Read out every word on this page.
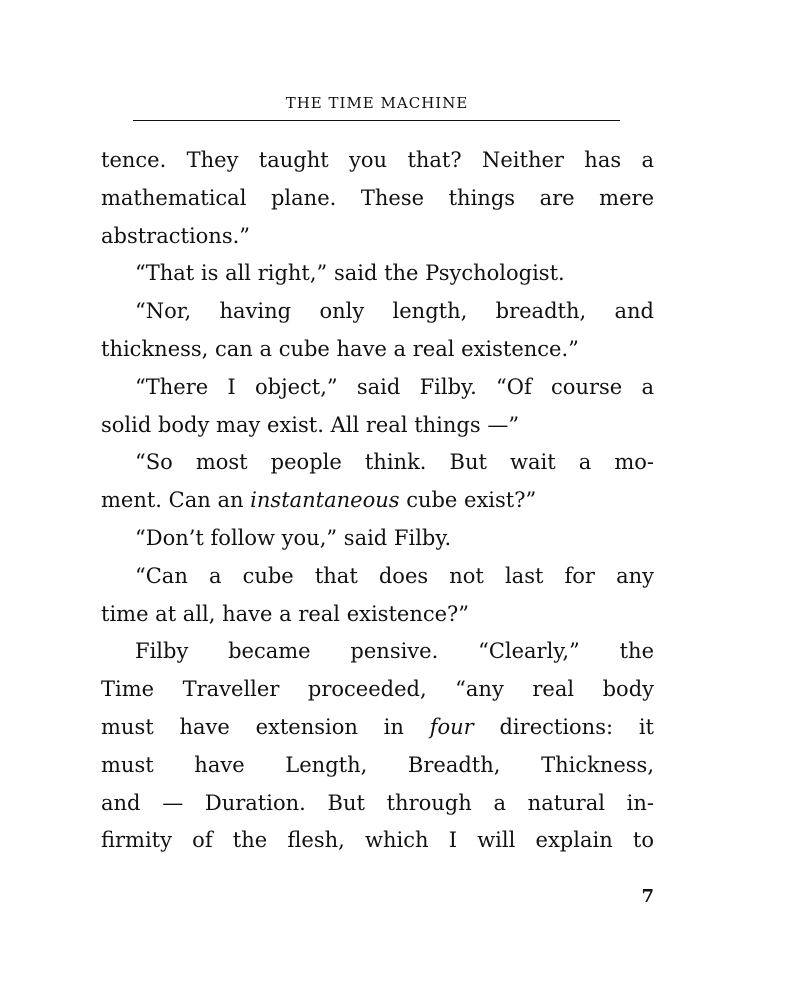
THE TIME MACHINE
tence. They taught you that? Neither has a
mathematical plane. These things are mere
abstractions.”
“That is all right,” said the Psychologist.
“Nor, having only length, breadth, and
thickness, can a cube have a real existence.”
“There I object,” said Filby. “Of course a
solid body may exist. All real things —”
“So most people think. But wait a mo-
ment. Can an instantaneous cube exist?”
“Don’t follow you,” said Filby.
“Can a cube that does not last for any
time at all, have a real existence?”
Filby became pensive. “Clearly,” the
Time Traveller proceeded, “any real body
must have extension in four directions: it
must have Length, Breadth, Thickness,
and — Duration. But through a natural in-
firmity of the flesh, which I will explain to
7
